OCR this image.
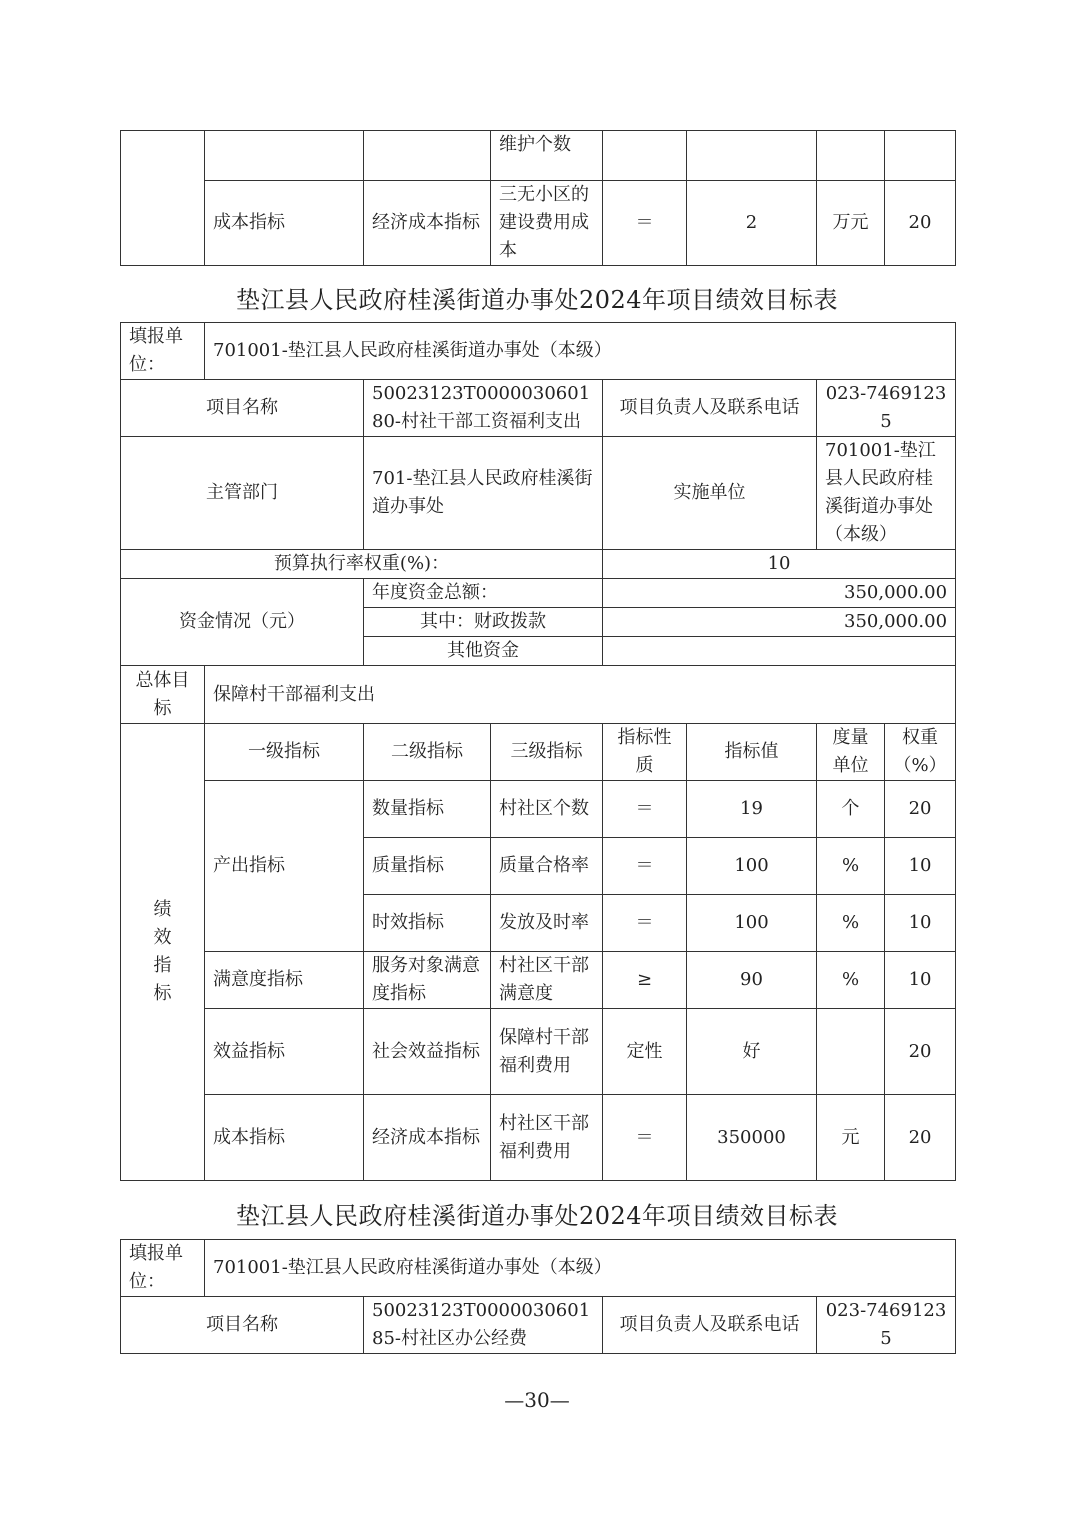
			维护个数				
	成本指标	经济成本指标	三无小区的建设费用成本	＝	2	万元	20
垫江县人民政府桂溪街道办事处2024年项目绩效目标表
填报单位：	701001-垫江县人民政府桂溪街道办事处（本级）						
项目名称		50023123T000003060180-村社干部工资福利支出		项目负责人及联系电话		023-74691235	
主管部门		701-垫江县人民政府桂溪街道办事处		实施单位		701001-垫江县人民政府桂溪街道办事处（本级）	
预算执行率权重(%)：				10			
资金情况（元）		年度资金总额：		350,000.00			
		其中：财政拨款		350,000.00			
		其他资金					
总体目标	保障村干部福利支出						

绩效指标	一级指标	二级指标	三级指标	指标性质	指标值	度量单位	权重（%）
	产出指标	数量指标	村社区个数	＝	19	个	20
		质量指标	质量合格率	＝	100	%	10
		时效指标	发放及时率	＝	100	%	10
	满意度指标	服务对象满意度指标	村社区干部满意度	≥	90	%	10
	效益指标	社会效益指标	保障村干部福利费用	定性	好		20
	成本指标	经济成本指标	村社区干部福利费用	＝	350000	元	20
垫江县人民政府桂溪街道办事处2024年项目绩效目标表
填报单位：	701001-垫江县人民政府桂溪街道办事处（本级）			
项目名称		50023123T000003060185-村社区办公经费	项目负责人及联系电话	023-74691235
—30—
